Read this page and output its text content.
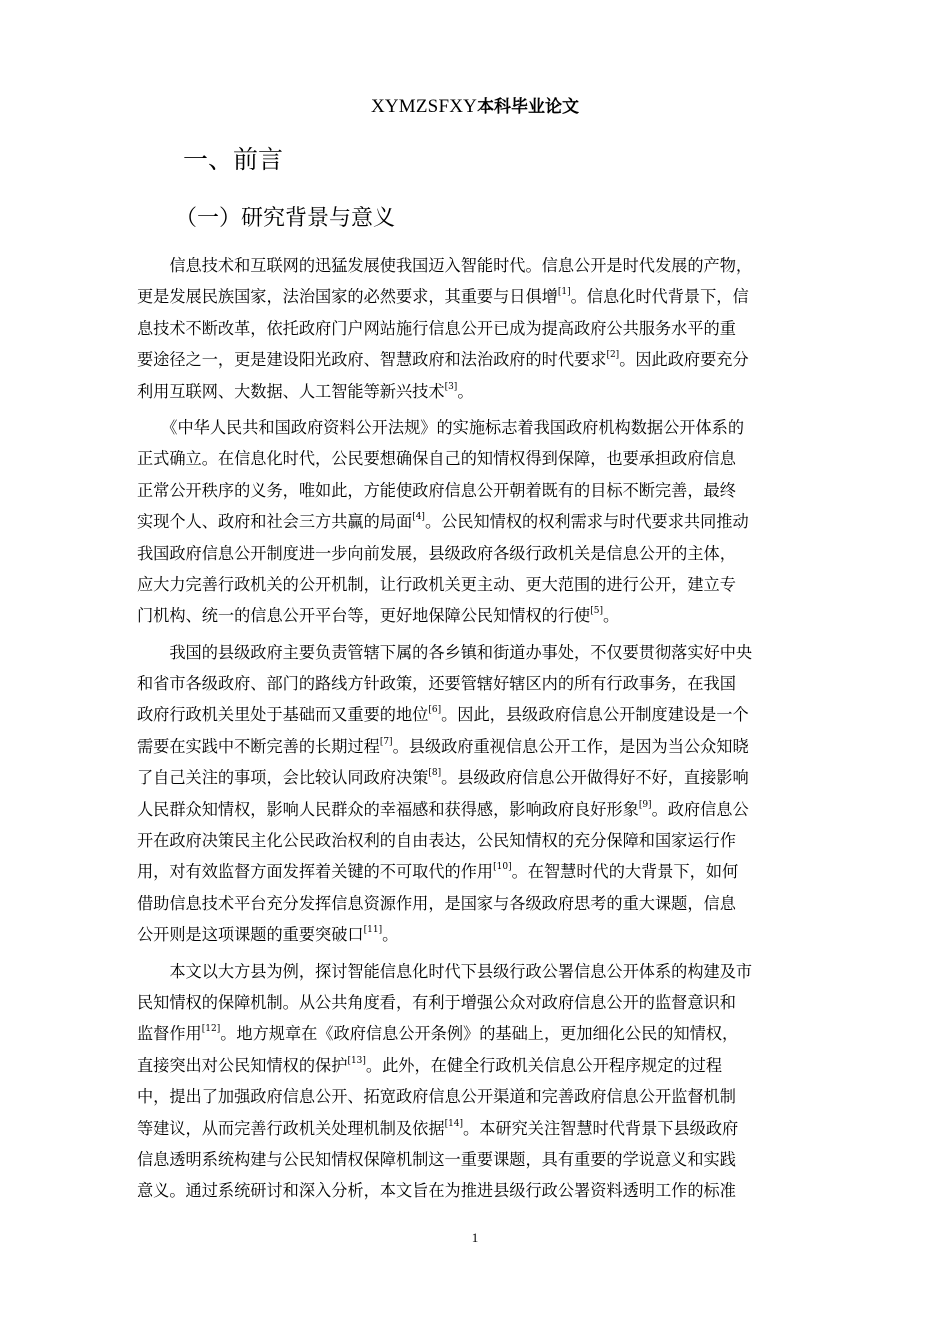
XYMZSFXY本科毕业论文
一、前言
（一）研究背景与意义
　　信息技术和互联网的迅猛发展使我国迈入智能时代。信息公开是时代发展的产物，
更是发展民族国家，法治国家的必然要求，其重要与日俱增[1]。信息化时代背景下，信
息技术不断改革，依托政府门户网站施行信息公开已成为提高政府公共服务水平的重
要途径之一，更是建设阳光政府、智慧政府和法治政府的时代要求[2]。因此政府要充分
利用互联网、大数据、人工智能等新兴技术[3]。
　　《中华人民共和国政府资料公开法规》的实施标志着我国政府机构数据公开体系的
正式确立。在信息化时代，公民要想确保自己的知情权得到保障，也要承担政府信息
正常公开秩序的义务，唯如此，方能使政府信息公开朝着既有的目标不断完善，最终
实现个人、政府和社会三方共赢的局面[4]。公民知情权的权利需求与时代要求共同推动
我国政府信息公开制度进一步向前发展，县级政府各级行政机关是信息公开的主体，
应大力完善行政机关的公开机制，让行政机关更主动、更大范围的进行公开，建立专
门机构、统一的信息公开平台等，更好地保障公民知情权的行使[5]。
　　我国的县级政府主要负责管辖下属的各乡镇和街道办事处，不仅要贯彻落实好中央
和省市各级政府、部门的路线方针政策，还要管辖好辖区内的所有行政事务，在我国
政府行政机关里处于基础而又重要的地位[6]。因此，县级政府信息公开制度建设是一个
需要在实践中不断完善的长期过程[7]。县级政府重视信息公开工作，是因为当公众知晓
了自己关注的事项，会比较认同政府决策[8]。县级政府信息公开做得好不好，直接影响
人民群众知情权，影响人民群众的幸福感和获得感，影响政府良好形象[9]。政府信息公
开在政府决策民主化公民政治权利的自由表达，公民知情权的充分保障和国家运行作
用，对有效监督方面发挥着关键的不可取代的作用[10]。在智慧时代的大背景下，如何
借助信息技术平台充分发挥信息资源作用，是国家与各级政府思考的重大课题，信息
公开则是这项课题的重要突破口[11]。
　　本文以大方县为例，探讨智能信息化时代下县级行政公署信息公开体系的构建及市
民知情权的保障机制。从公共角度看，有利于增强公众对政府信息公开的监督意识和
监督作用[12]。地方规章在《政府信息公开条例》的基础上，更加细化公民的知情权，
直接突出对公民知情权的保护[13]。此外，在健全行政机关信息公开程序规定的过程
中，提出了加强政府信息公开、拓宽政府信息公开渠道和完善政府信息公开监督机制
等建议，从而完善行政机关处理机制及依据[14]。本研究关注智慧时代背景下县级政府
信息透明系统构建与公民知情权保障机制这一重要课题，具有重要的学说意义和实践
意义。通过系统研讨和深入分析，本文旨在为推进县级行政公署资料透明工作的标准
1
